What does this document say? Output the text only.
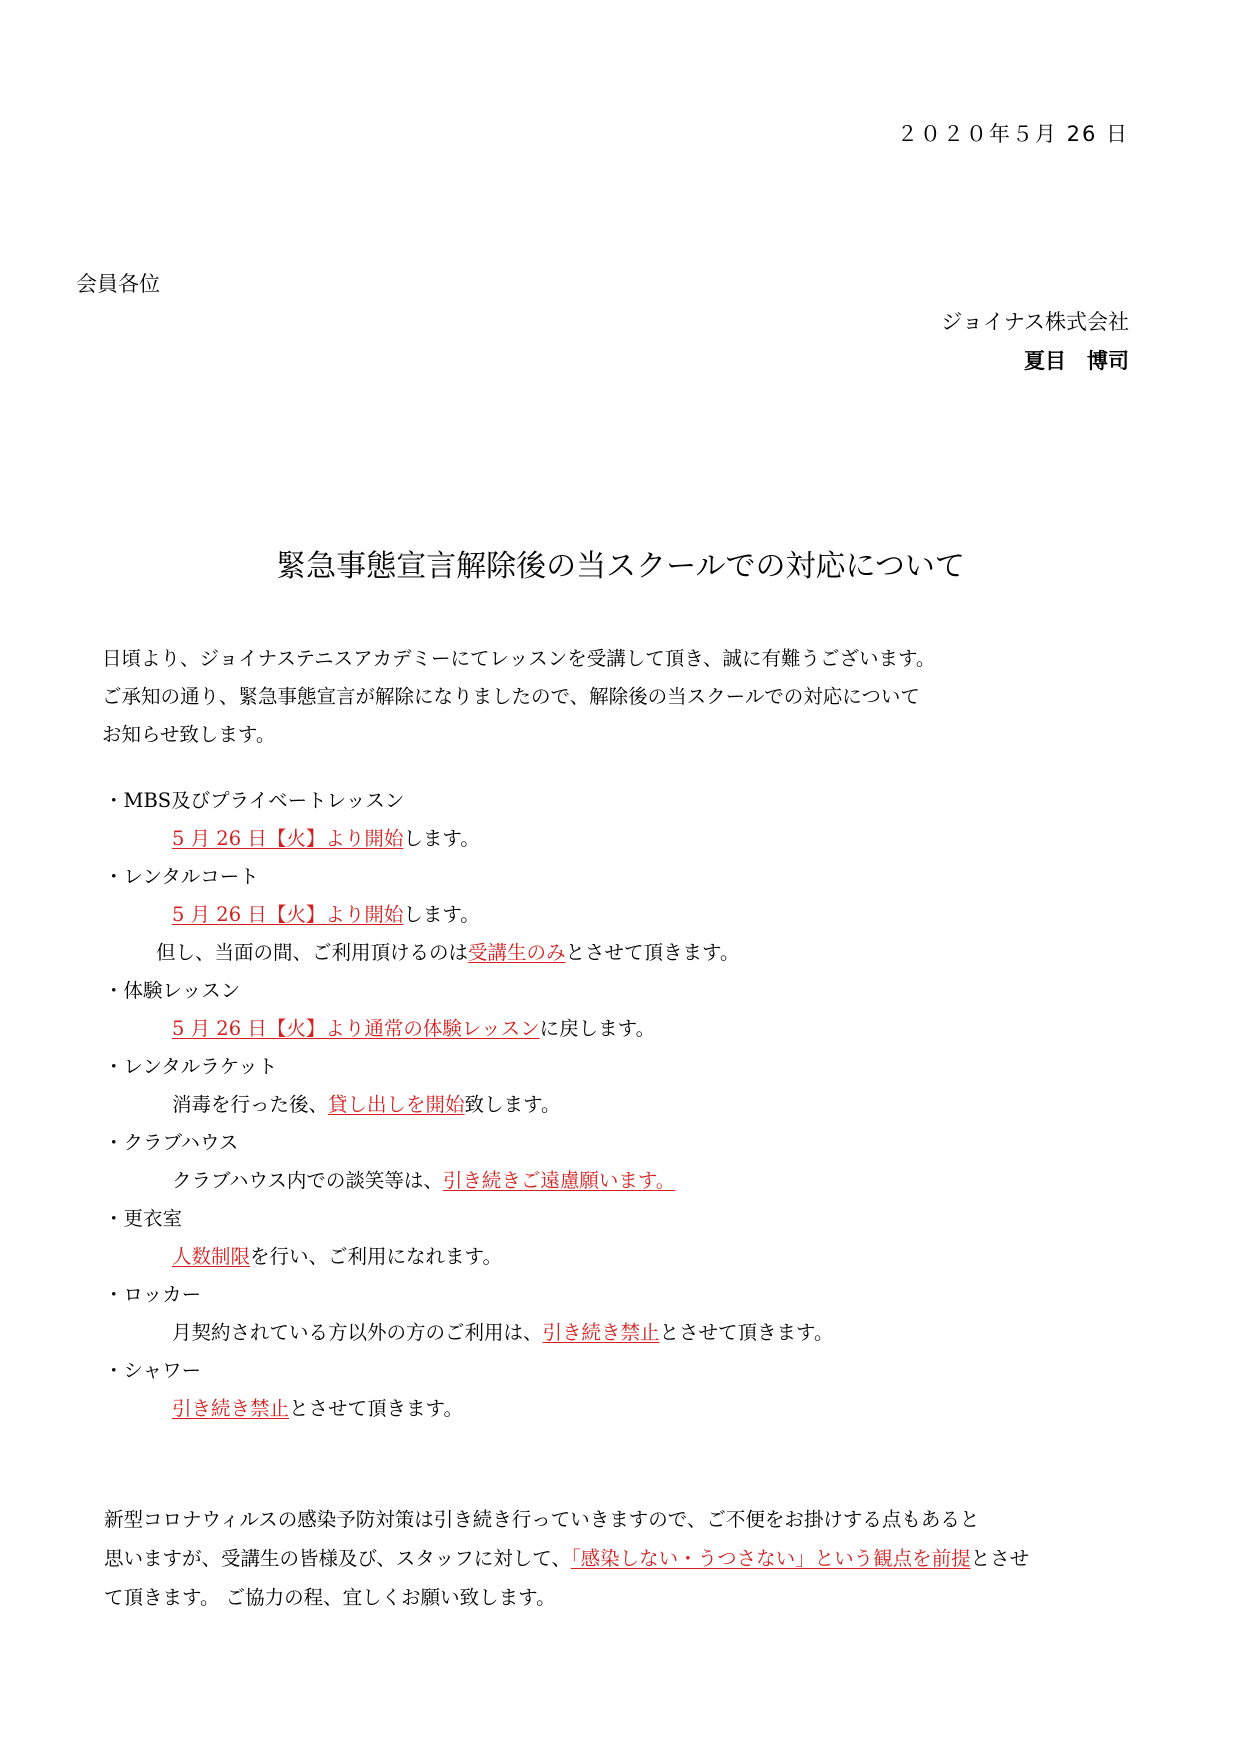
２０２０年５月 26 日
会員各位
ジョイナス株式会社
夏目　博司
緊急事態宣言解除後の当スクールでの対応について
日頃より、ジョイナステニスアカデミーにてレッスンを受講して頂き、誠に有難うございます。
ご承知の通り、緊急事態宣言が解除になりましたので、解除後の当スクールでの対応について
お知らせ致します。
・MBS及びプライベートレッスン
5 月 26 日【火】より開始します。
・レンタルコート
5 月 26 日【火】より開始します。
但し、当面の間、ご利用頂けるのは受講生のみとさせて頂きます。
・体験レッスン
5 月 26 日【火】より通常の体験レッスンに戻します。
・レンタルラケット
消毒を行った後、貸し出しを開始致します。
・クラブハウス
クラブハウス内での談笑等は、引き続きご遠慮願います。
・更衣室
人数制限を行い、ご利用になれます。
・ロッカー
月契約されている方以外の方のご利用は、引き続き禁止とさせて頂きます。
・シャワー
引き続き禁止とさせて頂きます。
新型コロナウィルスの感染予防対策は引き続き行っていきますので、ご不便をお掛けする点もあると
思いますが、受講生の皆様及び、スタッフに対して、「感染しない・うつさない」という観点を前提とさせ
て頂きます。 ご協力の程、宜しくお願い致します。
